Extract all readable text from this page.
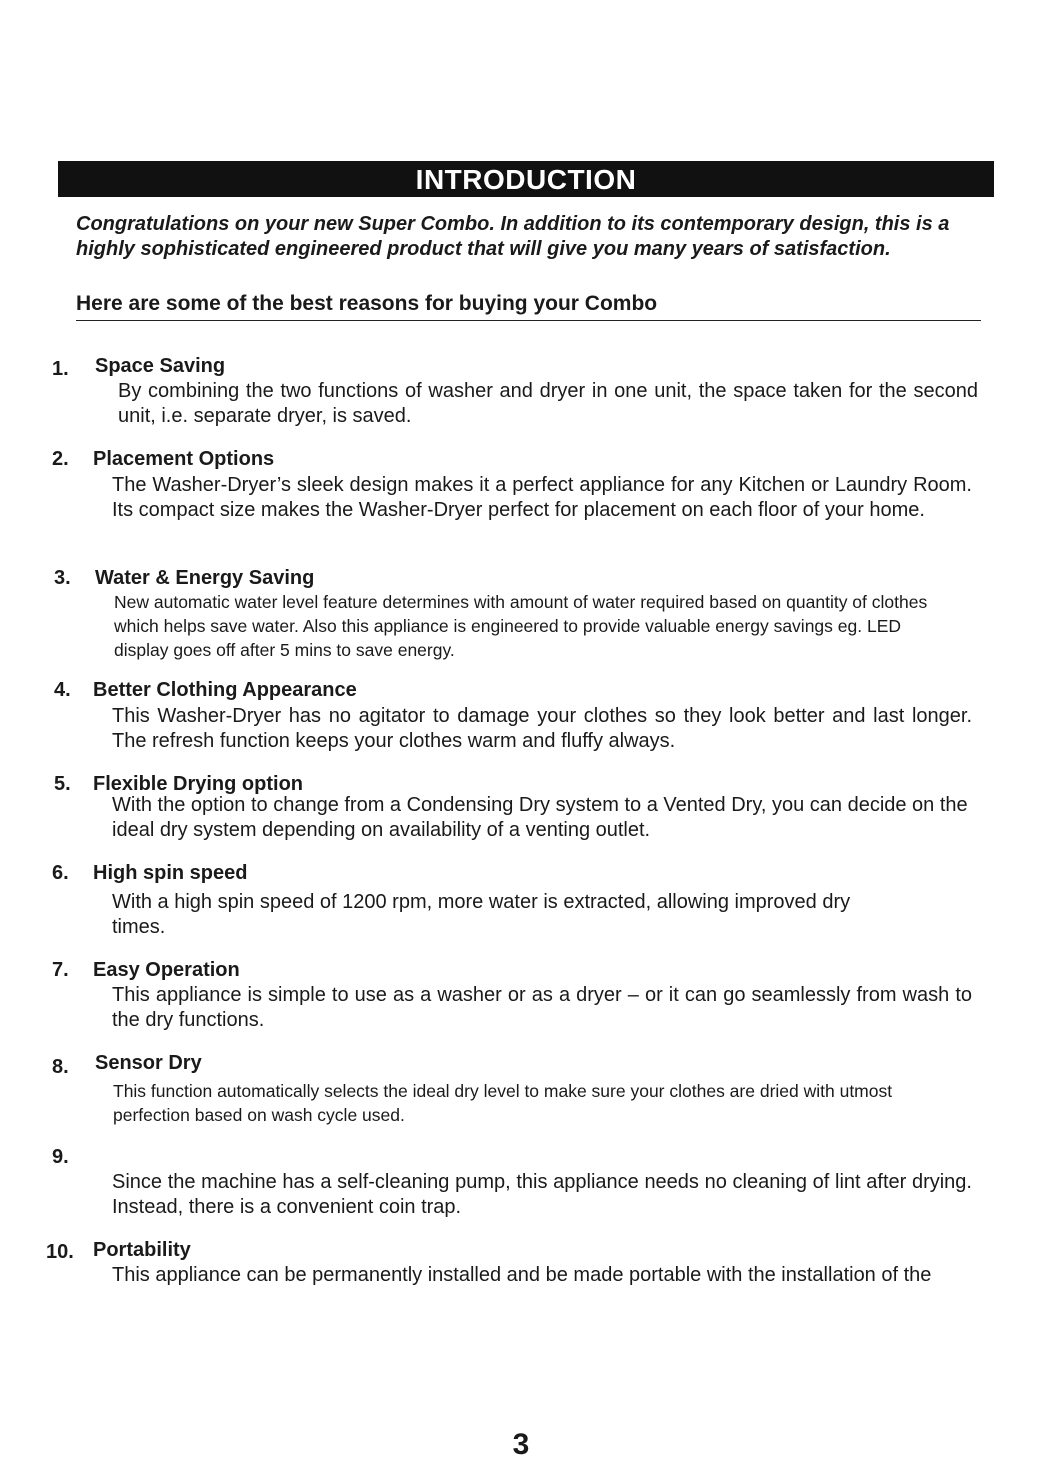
INTRODUCTION

Congratulations on your new Super Combo. In addition to its contemporary design, this is a highly sophisticated engineered product that will give you many years of satisfaction.

Here are some of the best reasons for buying your Combo

1. Space Saving

By combining the two functions of washer and dryer in one unit, the space taken for the second unit, i.e. separate dryer, is saved.

2. Placement Options

The Washer-Dryer’s sleek design makes it a perfect appliance for any Kitchen or Laundry Room. Its compact size makes the Washer-Dryer perfect for placement on each floor of your home.

3. Water & Energy Saving

New automatic water level feature determines with amount of water required based on quantity of clothes which helps save water. Also this appliance is engineered to provide valuable energy savings eg. LED display goes off after 5 mins to save energy.

4. Better Clothing Appearance

This Washer-Dryer has no agitator to damage your clothes so they look better and last longer. The refresh function keeps your clothes warm and fluffy always.

5. Flexible Drying option

With the option to change from a Condensing Dry system to a Vented Dry, you can decide on the ideal dry system depending on availability of a venting outlet.

6. High spin speed

With a high spin speed of 1200 rpm, more water is extracted, allowing improved dry times.

7. Easy Operation

This appliance is simple to use as a washer or as a dryer – or it can go seamlessly from wash to the dry functions.

8. Sensor Dry

This function automatically selects the ideal dry level to make sure your clothes are dried with utmost perfection based on wash cycle used.

9.

Since the machine has a self-cleaning pump, this appliance needs no cleaning of lint after drying. Instead, there is a convenient coin trap.

10. Portability

This appliance can be permanently installed and be made portable with the installation of the

3
